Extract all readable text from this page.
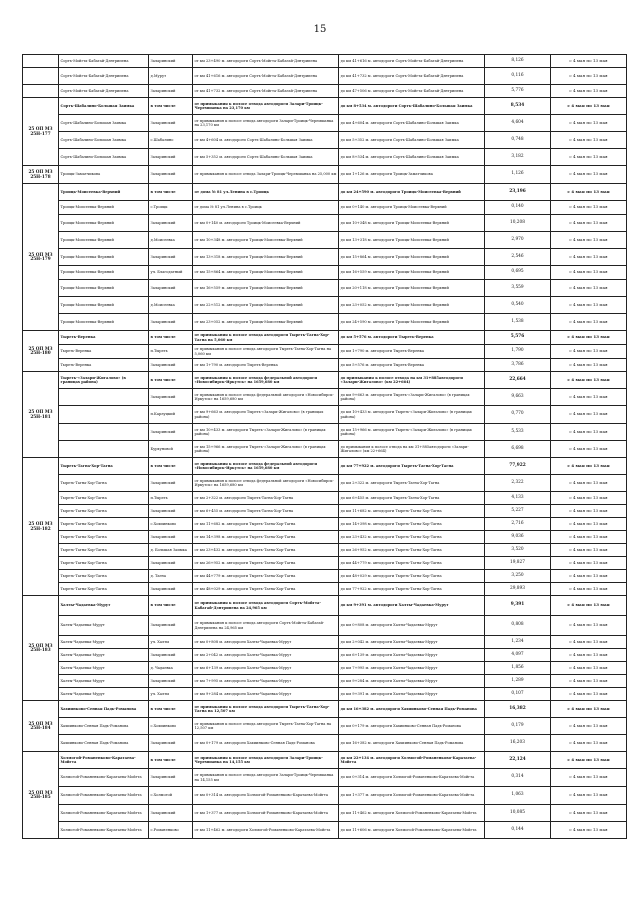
15
	Сортъ-Мойгта-Бабагай-Дэнтрипена	Заларинский	от км 23+490 м. автодороги Сортъ-Мойгта-Бабагай-Дэнтрипена	до км 41+616 м. автодороги Сортъ-Мойгта-Бабагай-Дэнтрипена	8,126	с 4 мая по 13 мая
	Сортъ-Мойгта-Бабагай-Дэнтрипена	д.Мурут	от км 41+616 м. автодороги Сортъ-Мойгта-Бабагай-Дэнтрипена	до км 41+732 м. автодороги Сортъ-Мойгта-Бабагай-Дэнтрипена	0,116	с 4 мая по 13 мая
	Сортъ-Мойгта-Бабагай-Дэнтрипена	Заларинский	от км 41+732 м. автодороги Сортъ-Мойгта-Бабагай-Дэнтрипена	до км 47+506 м. автодороги Сортъ-Мойгта-Бабагай-Дэнтрипена	5,776	с 4 мая по 13 мая
25 ОП МЗ 25Н-177	Сортъ-Шабалино-Большая Заимка	в том числе	от примыкания к полосе отвода автодороги Залари-Троицк-Черемшанка на 23,170 км	до км 8+534 м. автодороги Сортъ-Шабалино-Большая Заимка	8,534	с 4 мая по 13 мая
	Сортъ-Шабалино-Большая Заимка	Заларинский	от примыкания к полосе отвода автодороги Залари-Троицк-Черемшанка на 23,170 км	до км 4+604 м. автодороги Сортъ-Шабалино-Большая Заимка	4,604	с 4 мая по 13 мая
	Сортъ-Шабалино-Большая Заимка	с.Шабалино	от км 4+604 м. автодороги Сортъ-Шабалино-Большая Заимка	до км 5+352 м. автодороги Сортъ-Шабалино-Большая Заимка	0,748	с 4 мая по 13 мая
	Сортъ-Шабалино-Большая Заимка	Заларинский	от км 5+352 м. автодороги Сортъ-Шабалино-Большая Заимка	до км 8+534 м. автодороги Сортъ-Шабалино-Большая Заимка	3,182	с 4 мая по 13 мая
25 ОП МЗ 25Н-178	Троицк-Заматчикова	Заларинский	от примыкания к полосе отвода Залари-Троицк-Черемшанка на 25,000 км	до км 1+126 м. автодороги Троицк-Заматчикова	1,126	с 4 мая по 13 мая
25 ОП МЗ 25Н-179	Троицк-Моисеевка-Верхний	в том числе	от дома № 81 ул.Ленина в с.Троицк	до км 24+590 м. автодороги Троицк-Моисеевка-Верхний	23,196	с 4 мая по 13 мая
	Троицк-Моисеевка-Верхний	с.Троицк	от дома № 81 ул.Ленина в с.Троицк	до км 0+140 м. автодороги Троицк-Моисеевка-Верхний	0,140	с 4 мая по 13 мая
	Троицк-Моисеевка-Верхний	Заларинский	от км 0+140 м. автодороги Троицк-Моисеевка-Верхний	до км 10+348 м. автодороги Троицк-Моисеевка-Верхний	10,208	с 4 мая по 13 мая
	Троицк-Моисеевка-Верхний	д.Моисеевка	от км 10+348 м. автодороги Троицк-Моисеевка-Верхний	до км 13+318 м. автодороги Троицк-Моисеевка-Верхний	2,970	с 4 мая по 13 мая
	Троицк-Моисеевка-Верхний	Заларинский	от км 13+318 м. автодороги Троицк-Моисеевка-Верхний	до км 15+864 м. автодороги Троицк-Моисеевка-Верхний	2,546	с 4 мая по 13 мая
	Троицк-Моисеевка-Верхний	уч. Благодатный	от км 15+864 м. автодороги Троицк-Моисеевка-Верхний	до км 16+559 м. автодороги Троицк-Моисеевка-Верхний	0,695	с 4 мая по 13 мая
	Троицк-Моисеевка-Верхний	Заларинский	от км 16+559 м. автодороги Троицк-Моисеевка-Верхний	до км 20+118 м. автодороги Троицк-Моисеевка-Верхний	3,559	с 4 мая по 13 мая
	Троицк-Моисеевка-Верхний	д.Моисеевка	от км 22+512 м. автодороги Троицк-Моисеевка-Верхний	до км 23+052 м. автодороги Троицк-Моисеевка-Верхний	0,540	с 4 мая по 13 мая
	Троицк-Моисеевка-Верхний	Заларинский	от км 23+052 м. автодороги Троицк-Моисеевка-Верхний	до км 24+590 м. автодороги Троицк-Моисеевка-Верхний	1,538	с 4 мая по 13 мая
25 ОП МЗ 25Н-180	Тыреть-Веренка	в том числе	от примыкания к полосе отвода автодороги Тыреть-Тагна-Хор-Тагна на 5,060 км	до км 5+576 м. автодороги Тыреть-Веренка	5,576	с 4 мая по 13 мая
	Тыреть-Веренка	п.Тыреть	от примыкания к полосе отвода автодороги Тыреть-Тагна-Хор-Тагна на 5,060 км	до км 1+790 м. автодороги Тыреть-Веренка	1,790	с 4 мая по 13 мая
	Тыреть-Веренка	Заларинский	от км 1+790 м. автодороги Тыреть-Веренка	до км 5+576 м. автодороги Тыреть-Веренка	3,786	с 4 мая по 13 мая
25 ОП МЗ 25Н-181	Тыреть-«Залари-Жигалово» (в границах района)	в том числе	от примыкания к полосе отвода федеральной автодороги «Новосибирск-Иркутск» на 1659,680 км	до примыкания к полосе отвода на км 31+885автодороги «Залари-Жигалово» (км 22+664)	22,664	с 4 мая по 13 мая
		Заларинский	от примыкания к полосе отвода федеральной автодороги «Новосибирск-Иркутск» на 1659,680 км	до км 9+663 м. автодороги Тыреть-«Залари-Жигалово» (в границах района)	9,663	с 4 мая по 13 мая
		п.Карлуцкий	от км 9+663 м. автодороги Тыреть-«Залари-Жигалово» (в границах района)	до км 10+433 м. автодороги Тыреть-«Залари-Жигалово» (в границах района)	0,770	с 4 мая по 13 мая
		Заларинский	от км 10+433 м. автодороги Тыреть-«Залари-Жигалово» (в границах района)	до км 15+966 м. автодороги Тыреть-«Залари-Жигалово» (в границах района)	5,533	с 4 мая по 13 мая
		Бурхуновой	от км 15+966 м. автодороги Тыреть-«Залари-Жигалово» (в границах района)	до примыкания к полосе отвода на км 31+885автодороги «Залари-Жигалово» (км 22+664)	6,698	с 4 мая по 13 мая
25 ОП МЗ 25Н-182	Тыреть-Тагна-Хор-Тагна	в том числе	от примыкания к полосе отвода федеральной автодороги «Новосибирск-Иркутск» на 1659,680 км	до км 77+922 м. автодороги Тыреть-Тагна-Хор-Тагна	77,922	с 4 мая по 13 мая
	Тыреть-Тагна-Хор-Тагна	Заларинский	от примыкания к полосе отвода федеральной автодороги «Новосибирск-Иркутск» на 1659,680 км	до км 2+322 м. автодороги Тыреть-Тагна-Хор-Тагна	2,322	с 4 мая по 13 мая
	Тыреть-Тагна-Хор-Тагна	п.Тыреть	от км 2+322 м. автодороги Тыреть-Тагна-Хор-Тагна	до км 6+455 м. автодороги Тыреть-Тагна-Хор-Тагна	4,133	с 4 мая по 13 мая
	Тыреть-Тагна-Хор-Тагна	Заларинский	от км 6+455 м. автодороги Тыреть-Тагна-Хор-Тагна	до км 11+682 м. автодороги Тыреть-Тагна-Хор-Тагна	5,227	с 4 мая по 13 мая
	Тыреть-Тагна-Хор-Тагна	с.Хохиинково	от км 11+682 м. автодороги Тыреть-Тагна-Хор-Тагна	до км 14+398 м. автодороги Тыреть-Тагна-Хор-Тагна	2,716	с 4 мая по 13 мая
	Тыреть-Тагна-Хор-Тагна	Заларинский	от км 14+398 м. автодороги Тыреть-Тагна-Хор-Тагна	до км 23+432 м. автодороги Тыреть-Тагна-Хор-Тагна	9,036	с 4 мая по 13 мая
	Тыреть-Тагна-Хор-Тагна	д. Большая Заимка	от км 23+432 м. автодороги Тыреть-Тагна-Хор-Тагна	до км 26+952 м. автодороги Тыреть-Тагна-Хор-Тагна	3,520	с 4 мая по 13 мая
	Тыреть-Тагна-Хор-Тагна	Заларинский	от км 26+952 м. автодороги Тыреть-Тагна-Хор-Тагна	до км 44+779 м. автодороги Тыреть-Тагна-Хор-Тагна	19,827	с 4 мая по 13 мая
	Тыреть-Тагна-Хор-Тагна	д. Тагна	от км 44+779 м. автодороги Тыреть-Тагна-Хор-Тагна	до км 48+029 м. автодороги Тыреть-Тагна-Хор-Тагна	3,250	с 4 мая по 13 мая
	Тыреть-Тагна-Хор-Тагна	Заларинский	от км 48+029 м. автодороги Тыреть-Тагна-Хор-Тагна	до км 77+922 м. автодороги Тыреть-Тагна-Хор-Тагна	29,893	с 4 мая по 13 мая
25 ОП МЗ 25Н-183	Халты-Чадаевка-Мурут	в том числе	от примыкания к полосе отвода автодороги Сортъ-Мойгта-Бабагай-Дэнтрипена на 24,965 км	до км 9+391 м. автодороги Халты-Чадаевка-Мурут	9,391	с 4 мая по 13 мая
	Халты-Чадаевка-Мурут	Заларинский	от примыкания к полосе отвода автодороги Сортъ-Мойгта-Бабагай-Дэнтрипена на 24,965 км	до км 0+808 м. автодороги Халты-Чадаевка-Мурут	0,808	с 4 мая по 13 мая
	Халты-Чадаевка-Мурут	уч. Халты	от км 0+808 м. автодороги Халты-Чадаевка-Мурут	до км 2+042 м. автодороги Халты-Чадаевка-Мурут	1,234	с 4 мая по 13 мая
	Халты-Чадаевка-Мурут	Заларинский	от км 2+042 м. автодороги Халты-Чадаевка-Мурут	до км 6+139 м. автодороги Халты-Чадаевка-Мурут	4,097	с 4 мая по 13 мая
	Халты-Чадаевка-Мурут	д. Чадаевка	от км 6+139 м. автодороги Халты-Чадаевка-Мурут	до км 7+995 м. автодороги Халты-Чадаевка-Мурут	1,856	с 4 мая по 13 мая
	Халты-Чадаевка-Мурут	Заларинский	от км 7+995 м. автодороги Халты-Чадаевка-Мурут	до км 9+284 м. автодороги Халты-Чадаевка-Мурут	1,289	с 4 мая по 13 мая
	Халты-Чадаевка-Мурут	уч. Халты	от км 9+284 м. автодороги Халты-Чадаевка-Мурут	до км 9+391 м. автодороги Халты-Чадаевка-Мурут	0,107	с 4 мая по 13 мая
25 ОП МЗ 25Н-184	Хахиинково-Сенная Падь-Романова	в том числе	от примыкания к полосе отвода автодороги Тыреть-Тагна-Хор-Тагна на 12,507 км	до км 16+382 м. автодороги Хахиинково-Сенная Падь-Романова	16,382	с 4 мая по 13 мая
	Хахиинково-Сенная Падь-Романова	с.Хохиинково	от примыкания к полосе отвода автодороги Тыреть-Тагна-Хор-Тагна на 12,507 км	до км 0+179 м. автодороги Хахиинково-Сенная Падь-Романова	0,179	с 4 мая по 13 мая
	Хахиинково-Сенная Падь-Романова	Заларинский	от км 0+179 м. автодороги Хахиинково-Сенная Падь-Романова	до км 16+382 м. автодороги Хахиинково-Сенная Падь-Романова	16,203	с 4 мая по 13 мая
25 ОП МЗ 25Н-185	Холмогой-Романенково-Каратаева-Мойгта	в том числе	от примыкания к полосе отвода автодороги Залари-Троицк-Черемшанка на 14,155 км	до км 22+134 м. автодороги Холмогой-Романенково-Каратаева-Мойгта	22,124	с 4 мая по 13 мая
	Холмогой-Романенково-Каратаева-Мойгта	Заларинский	от примыкания к полосе отвода автодороги Залари-Троицк-Черемшанка на 14,155 км	до км 0+314 м. автодороги Холмогой-Романенково-Каратаева-Мойгта	0,314	с 4 мая по 13 мая
	Холмогой-Романенково-Каратаева-Мойгта	с.Холмогой	от км 0+314 м. автодороги Холмогой-Романенково-Каратаева-Мойгта	до км 1+377 м. автодороги Холмогой-Романенково-Каратаева-Мойгта	1,063	с 4 мая по 13 мая
	Холмогой-Романенково-Каратаева-Мойгта	Заларинский	от км 1+377 м. автодороги Холмогой-Романенково-Каратаева-Мойгта	до км 11+462 м. автодороги Холмогой-Романенково-Каратаева-Мойгта	10,085	с 4 мая по 13 мая
	Холмогой-Романенково-Каратаева-Мойгта	с.Романенково	от км 11+462 м. автодороги Холмогой-Романенково-Каратаева-Мойгта	до км 11+606 м. автодороги Холмогой-Романенково-Каратаева-Мойгта	0,144	с 4 мая по 13 мая
